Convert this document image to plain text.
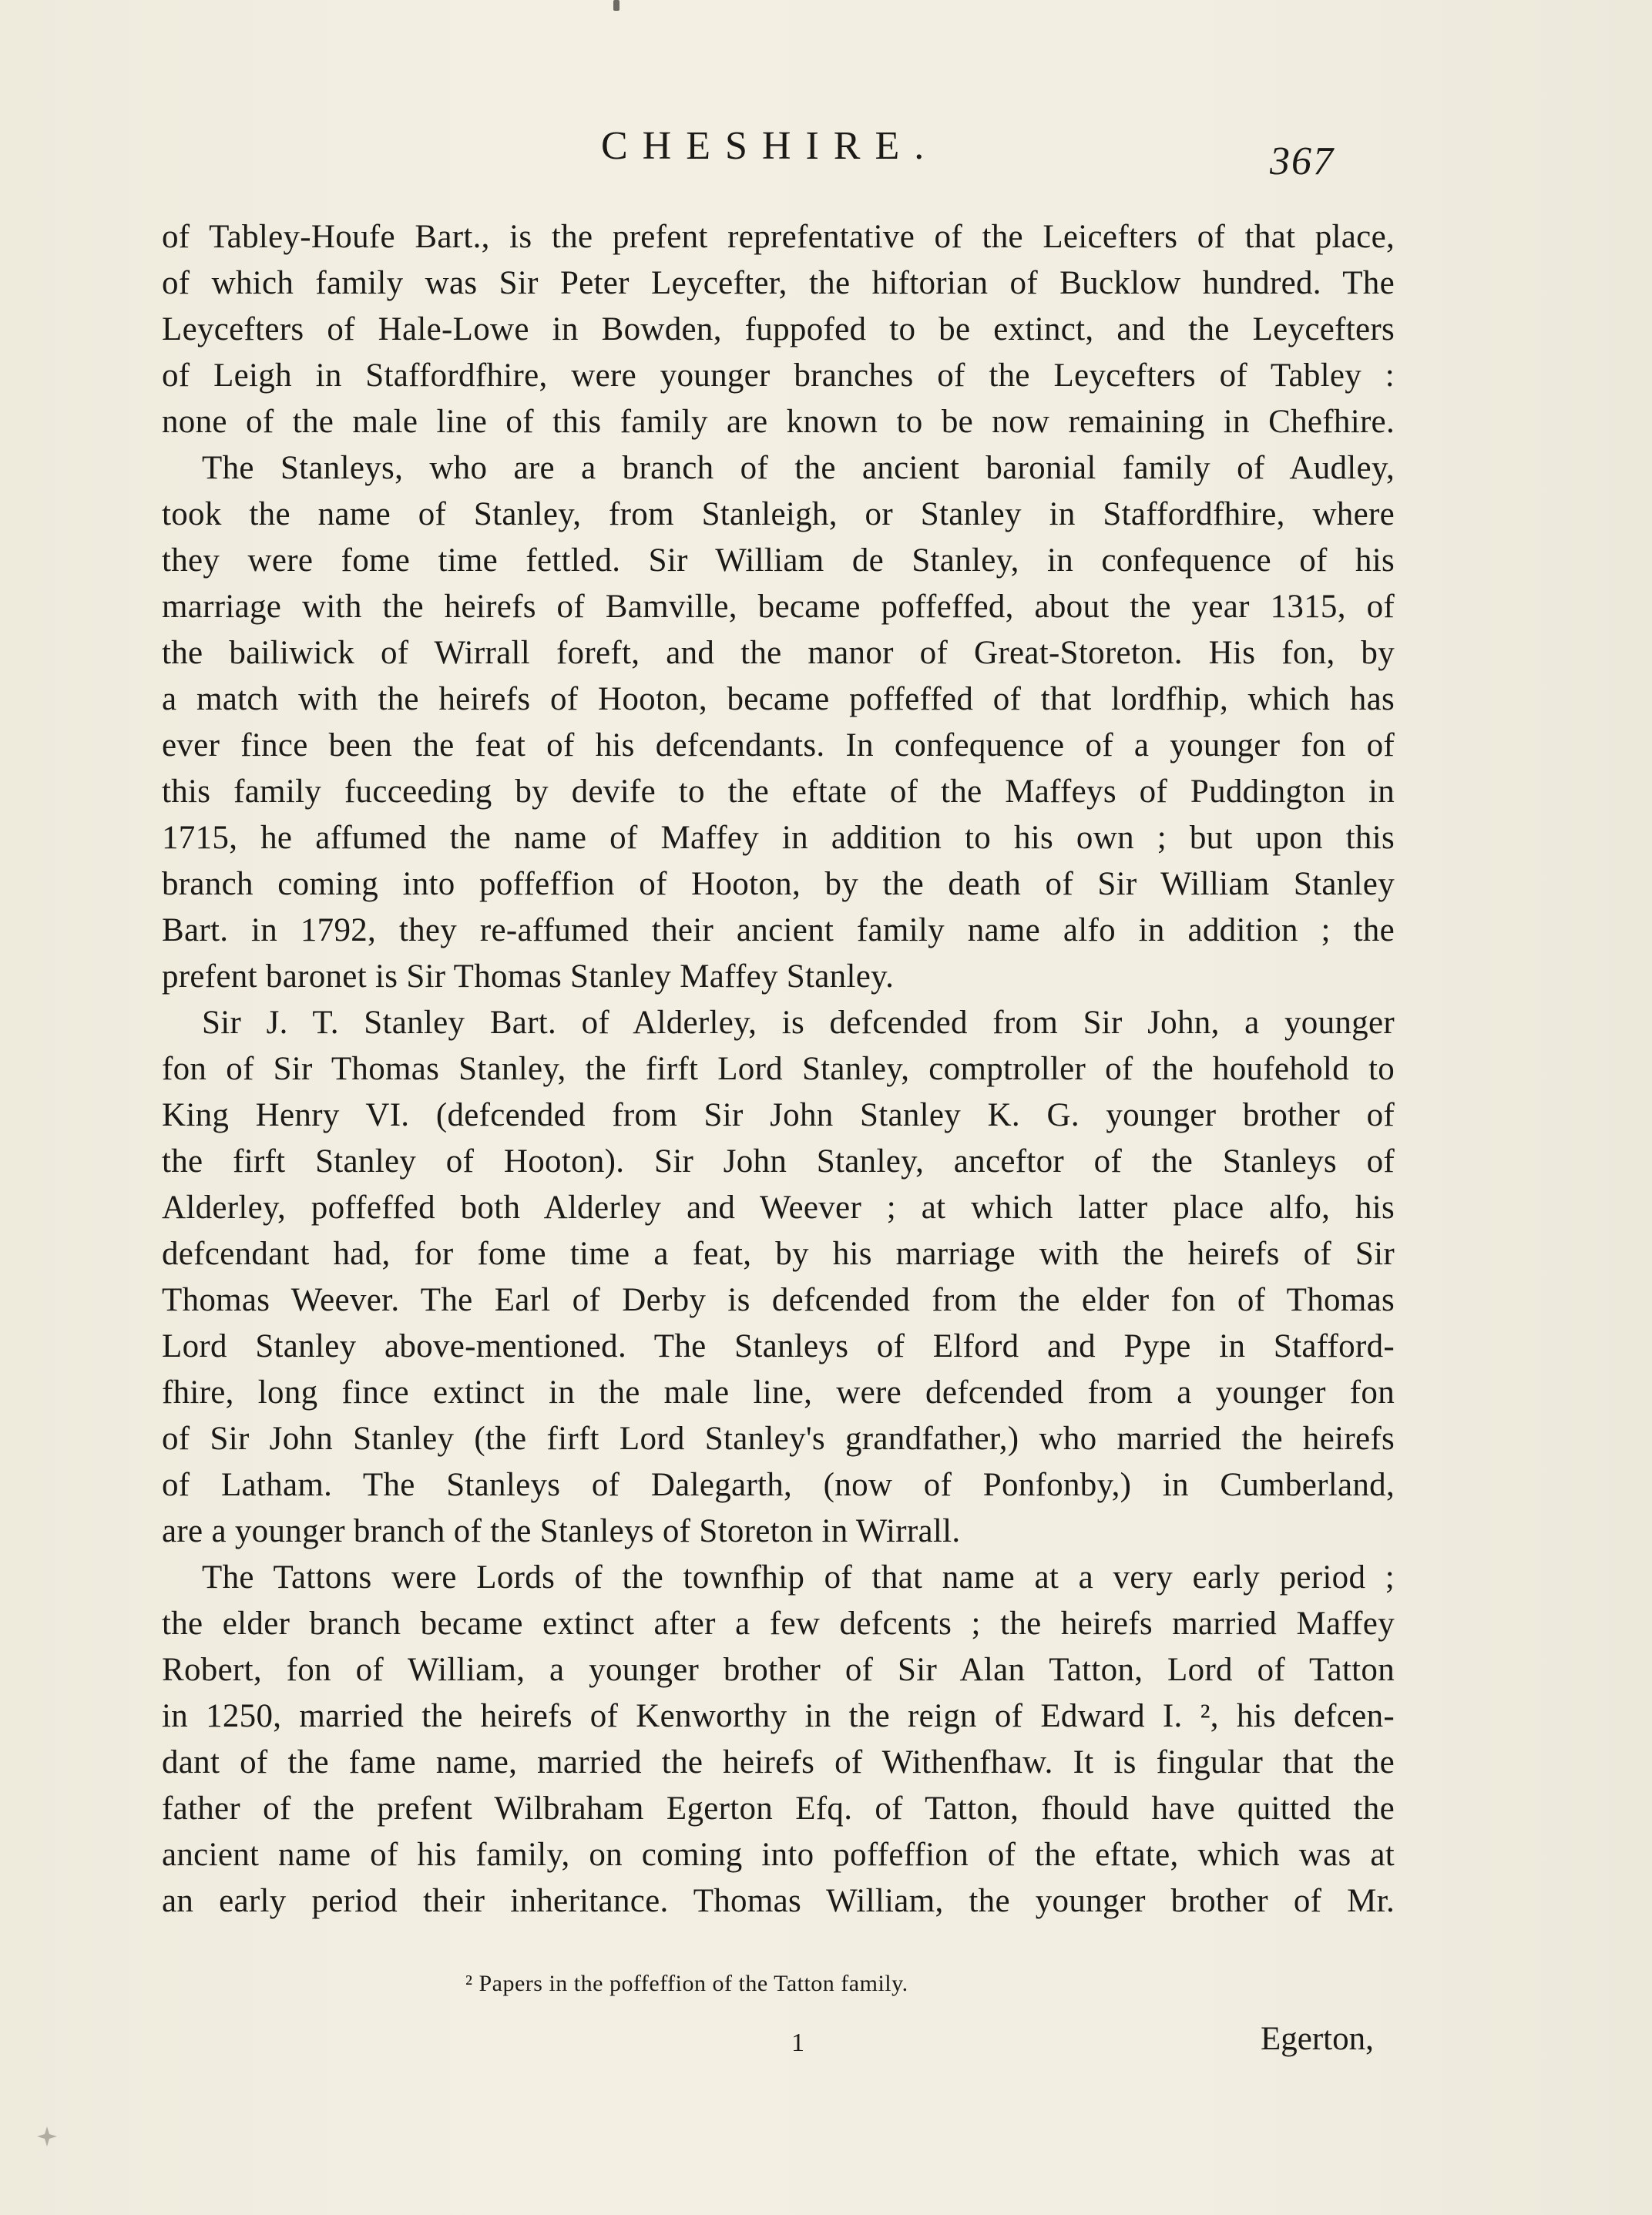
CHESHIRE.	367
of Tabley-Houfe Bart., is the prefent reprefentative of the Leicefters of that place,
of which family was Sir Peter Leycefter, the hiftorian of Bucklow hundred. The
Leycefters of Hale-Lowe in Bowden, fuppofed to be extinct, and the Leycefters
of Leigh in Staffordfhire, were younger branches of the Leycefters of Tabley :
none of the male line of this family are known to be now remaining in Chefhire.
The Stanleys, who are a branch of the ancient baronial family of Audley,
took the name of Stanley, from Stanleigh, or Stanley in Staffordfhire, where
they were fome time fettled. Sir William de Stanley, in confequence of his
marriage with the heirefs of Bamville, became poffeffed, about the year 1315, of
the bailiwick of Wirrall foreft, and the manor of Great-Storeton. His fon, by
a match with the heirefs of Hooton, became poffeffed of that lordfhip, which has
ever fince been the feat of his defcendants. In confequence of a younger fon of
this family fucceeding by devife to the eftate of the Maffeys of Puddington in
1715, he affumed the name of Maffey in addition to his own ; but upon this
branch coming into poffeffion of Hooton, by the death of Sir William Stanley
Bart. in 1792, they re-affumed their ancient family name alfo in addition ; the
prefent baronet is Sir Thomas Stanley Maffey Stanley.
Sir J. T. Stanley Bart. of Alderley, is defcended from Sir John, a younger
fon of Sir Thomas Stanley, the firft Lord Stanley, comptroller of the houfehold to
King Henry VI. (defcended from Sir John Stanley K. G. younger brother of
the firft Stanley of Hooton). Sir John Stanley, anceftor of the Stanleys of
Alderley, poffeffed both Alderley and Weever ; at which latter place alfo, his
defcendant had, for fome time a feat, by his marriage with the heirefs of Sir
Thomas Weever. The Earl of Derby is defcended from the elder fon of Thomas
Lord Stanley above-mentioned. The Stanleys of Elford and Pype in Stafford-
fhire, long fince extinct in the male line, were defcended from a younger fon
of Sir John Stanley (the firft Lord Stanley's grandfather,) who married the heirefs
of Latham. The Stanleys of Dalegarth, (now of Ponfonby,) in Cumberland,
are a younger branch of the Stanleys of Storeton in Wirrall.
The Tattons were Lords of the townfhip of that name at a very early period ;
the elder branch became extinct after a few defcents ; the heirefs married Maffey
Robert, fon of William, a younger brother of Sir Alan Tatton, Lord of Tatton
in 1250, married the heirefs of Kenworthy in the reign of Edward I. ², his defcen-
dant of the fame name, married the heirefs of Withenfhaw. It is fingular that the
father of the prefent Wilbraham Egerton Efq. of Tatton, fhould have quitted the
ancient name of his family, on coming into poffeffion of the eftate, which was at
an early period their inheritance. Thomas William, the younger brother of Mr.
² Papers in the poffeffion of the Tatton family.
1	Egerton,
